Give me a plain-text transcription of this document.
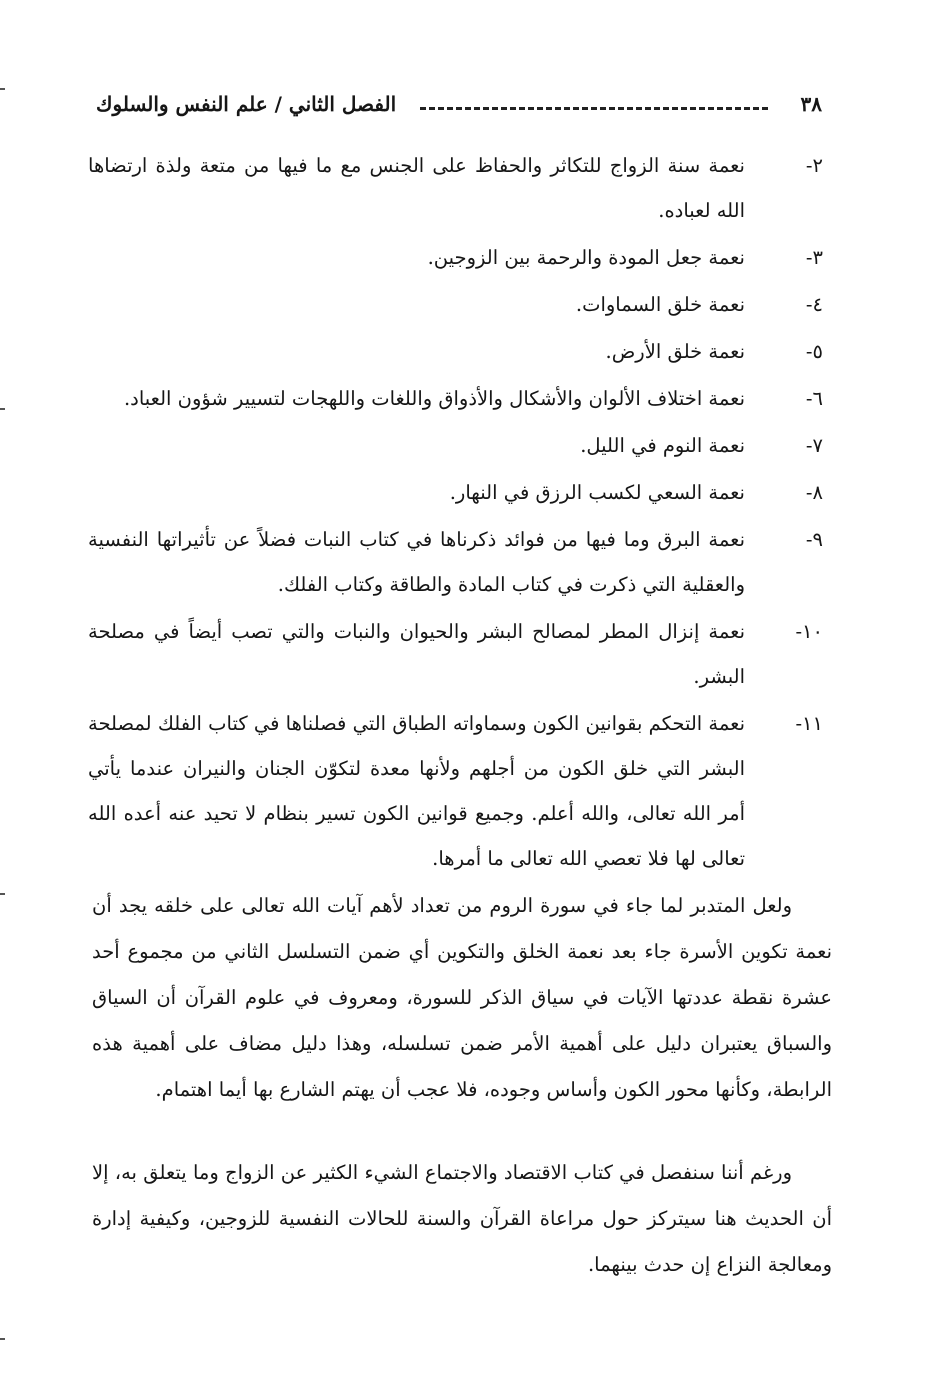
٣٨
الفصل الثاني / علم النفس والسلوك
٢-
نعمة سنة الزواج للتكاثر والحفاظ على الجنس مع ما فيها من متعة ولذة ارتضاها الله لعباده.
٣-
نعمة جعل المودة والرحمة بين الزوجين.
٤-
نعمة خلق السماوات.
٥-
نعمة خلق الأرض.
٦-
نعمة اختلاف الألوان والأشكال والأذواق واللغات واللهجات لتسيير شؤون العباد.
٧-
نعمة النوم في الليل.
٨-
نعمة السعي لكسب الرزق في النهار.
٩-
نعمة البرق وما فيها من فوائد ذكرناها في كتاب النبات فضلاً عن تأثيراتها النفسية والعقلية التي ذكرت في كتاب المادة والطاقة وكتاب الفلك.
١٠-
نعمة إنزال المطر لمصالح البشر والحيوان والنبات والتي تصب أيضاً في مصلحة البشر.
١١-
نعمة التحكم بقوانين الكون وسماواته الطباق التي فصلناها في كتاب الفلك لمصلحة البشر التي خلق الكون من أجلهم ولأنها معدة لتكوّن الجنان والنيران عندما يأتي أمر الله تعالى، والله أعلم. وجميع قوانين الكون تسير بنظام لا تحيد عنه أعده الله تعالى لها فلا تعصي الله تعالى ما أمرها.

ولعل المتدبر لما جاء في سورة الروم من تعداد لأهم آيات الله تعالى على خلقه يجد أن نعمة تكوين الأسرة جاء بعد نعمة الخلق والتكوين أي ضمن التسلسل الثاني من مجموع أحد عشرة نقطة عددتها الآيات في سياق الذكر للسورة، ومعروف في علوم القرآن أن السياق والسباق يعتبران دليل على أهمية الأمر ضمن تسلسله، وهذا دليل مضاف على أهمية هذه الرابطة، وكأنها محور الكون وأساس وجوده، فلا عجب أن يهتم الشارع بها أيما اهتمام.

ورغم أننا سنفصل في كتاب الاقتصاد والاجتماع الشيء الكثير عن الزواج وما يتعلق به، إلا أن الحديث هنا سيتركز حول مراعاة القرآن والسنة للحالات النفسية للزوجين، وكيفية إدارة ومعالجة النزاع إن حدث بينهما.
